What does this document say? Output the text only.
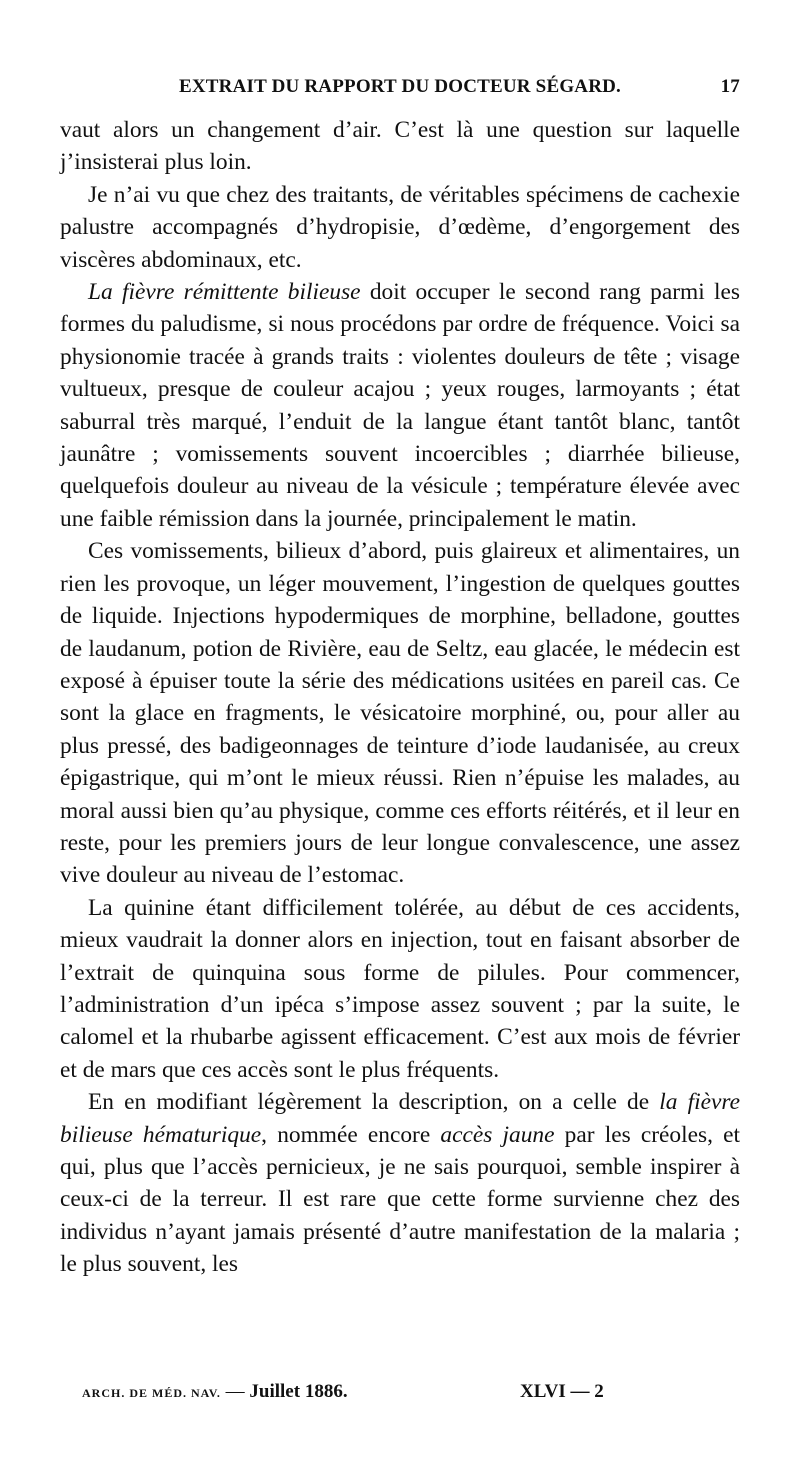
EXTRAIT DU RAPPORT DU DOCTEUR SÉGARD.	17

vaut alors un changement d’air. C’est là une question sur laquelle j’insisterai plus loin.

Je n’ai vu que chez des traitants, de véritables spécimens de cachexie palustre accompagnés d’hydropisie, d’œdème, d’engorgement des viscères abdominaux, etc.

La fièvre rémittente bilieuse doit occuper le second rang parmi les formes du paludisme, si nous procédons par ordre de fréquence. Voici sa physionomie tracée à grands traits : violentes douleurs de tête ; visage vultueux, presque de couleur acajou ; yeux rouges, larmoyants ; état saburral très marqué, l’enduit de la langue étant tantôt blanc, tantôt jaunâtre ; vomissements souvent incoercibles ; diarrhée bilieuse, quelquefois douleur au niveau de la vésicule ; température élevée avec une faible rémission dans la journée, principalement le matin.

Ces vomissements, bilieux d’abord, puis glaireux et alimentaires, un rien les provoque, un léger mouvement, l’ingestion de quelques gouttes de liquide. Injections hypodermiques de morphine, belladone, gouttes de laudanum, potion de Rivière, eau de Seltz, eau glacée, le médecin est exposé à épuiser toute la série des médications usitées en pareil cas. Ce sont la glace en fragments, le vésicatoire morphiné, ou, pour aller au plus pressé, des badigeonnages de teinture d’iode laudanisée, au creux épigastrique, qui m’ont le mieux réussi. Rien n’épuise les malades, au moral aussi bien qu’au physique, comme ces efforts réitérés, et il leur en reste, pour les premiers jours de leur longue convalescence, une assez vive douleur au niveau de l’estomac.

La quinine étant difficilement tolérée, au début de ces accidents, mieux vaudrait la donner alors en injection, tout en faisant absorber de l’extrait de quinquina sous forme de pilules. Pour commencer, l’administration d’un ipéca s’impose assez souvent ; par la suite, le calomel et la rhubarbe agissent efficacement. C’est aux mois de février et de mars que ces accès sont le plus fréquents.

En en modifiant légèrement la description, on a celle de la fièvre bilieuse hématurique, nommée encore accès jaune par les créoles, et qui, plus que l’accès pernicieux, je ne sais pourquoi, semble inspirer à ceux-ci de la terreur. Il est rare que cette forme survienne chez des individus n’ayant jamais présenté d’autre manifestation de la malaria ; le plus souvent, les

ARCH. DE MÉD. NAV. — Juillet 1886.	XLVI — 2
